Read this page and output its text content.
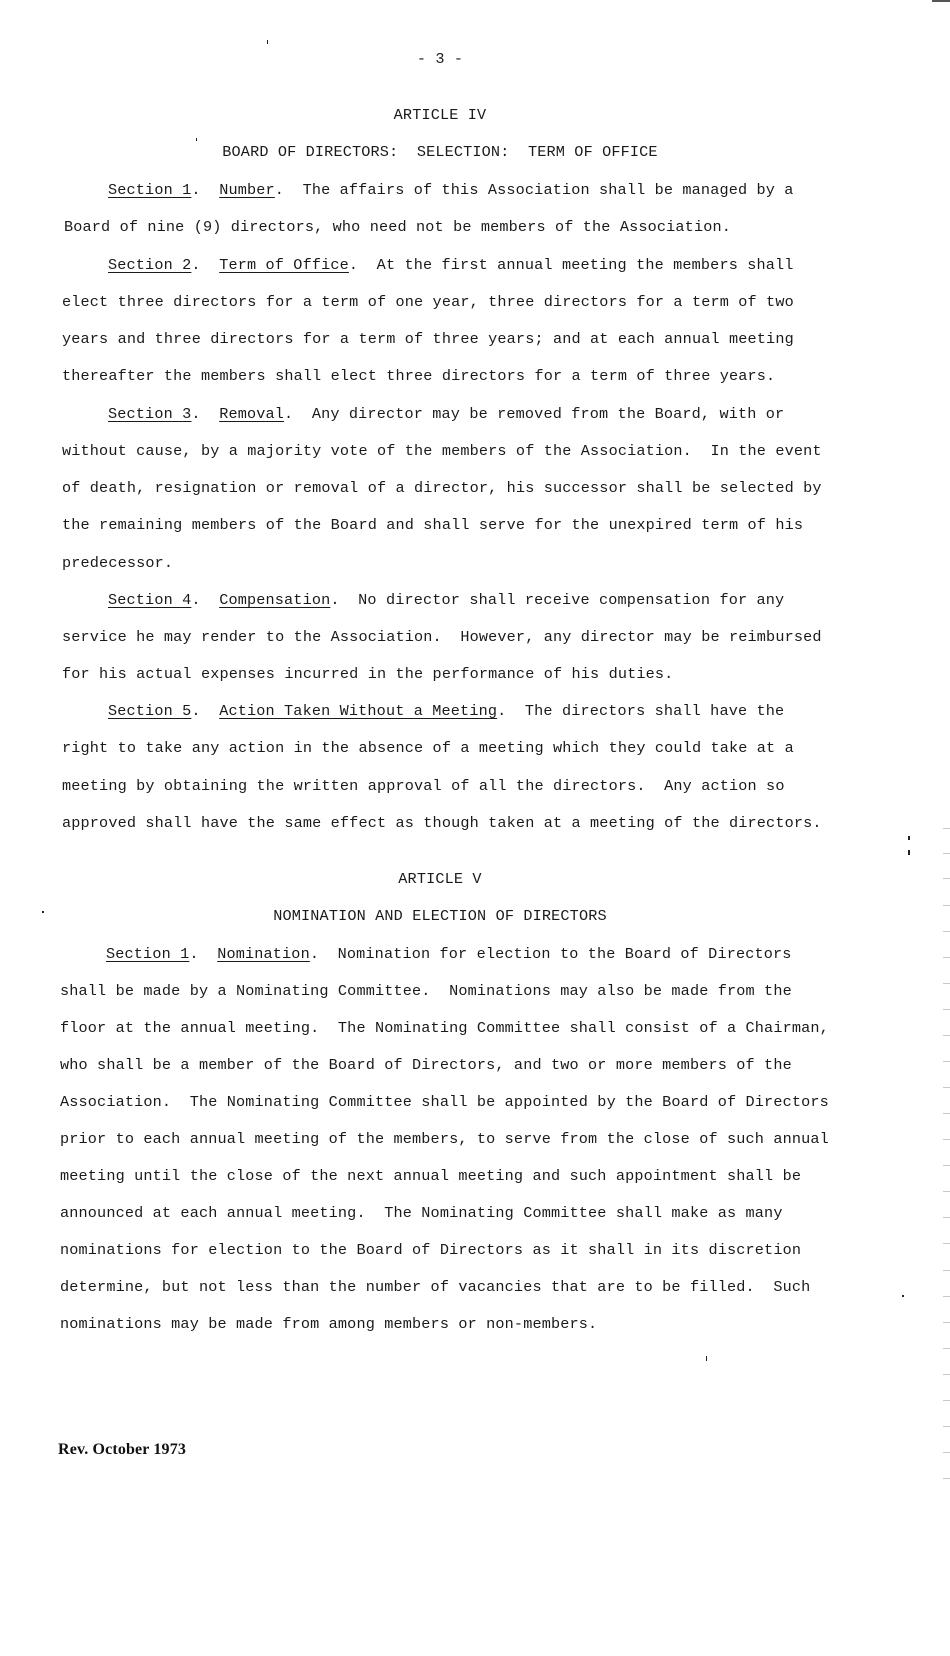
- 3 -

ARTICLE IV

BOARD OF DIRECTORS:  SELECTION:  TERM OF OFFICE

Section 1. Number.  The affairs of this Association shall be managed by a

Board of nine (9) directors, who need not be members of the Association.

Section 2. Term of Office.  At the first annual meeting the members shall

elect three directors for a term of one year, three directors for a term of two

years and three directors for a term of three years; and at each annual meeting

thereafter the members shall elect three directors for a term of three years.

Section 3. Removal.  Any director may be removed from the Board, with or

without cause, by a majority vote of the members of the Association.  In the event

of death, resignation or removal of a director, his successor shall be selected by

the remaining members of the Board and shall serve for the unexpired term of his

predecessor.

Section 4. Compensation.  No director shall receive compensation for any

service he may render to the Association.  However, any director may be reimbursed

for his actual expenses incurred in the performance of his duties.

Section 5. Action Taken Without a Meeting.  The directors shall have the

right to take any action in the absence of a meeting which they could take at a

meeting by obtaining the written approval of all the directors.  Any action so

approved shall have the same effect as though taken at a meeting of the directors.

ARTICLE V

NOMINATION AND ELECTION OF DIRECTORS

Section 1. Nomination.  Nomination for election to the Board of Directors

shall be made by a Nominating Committee.  Nominations may also be made from the

floor at the annual meeting.  The Nominating Committee shall consist of a Chairman,

who shall be a member of the Board of Directors, and two or more members of the

Association.  The Nominating Committee shall be appointed by the Board of Directors

prior to each annual meeting of the members, to serve from the close of such annual

meeting until the close of the next annual meeting and such appointment shall be

announced at each annual meeting.  The Nominating Committee shall make as many

nominations for election to the Board of Directors as it shall in its discretion

determine, but not less than the number of vacancies that are to be filled.  Such

nominations may be made from among members or non-members.

Rev. October 1973
